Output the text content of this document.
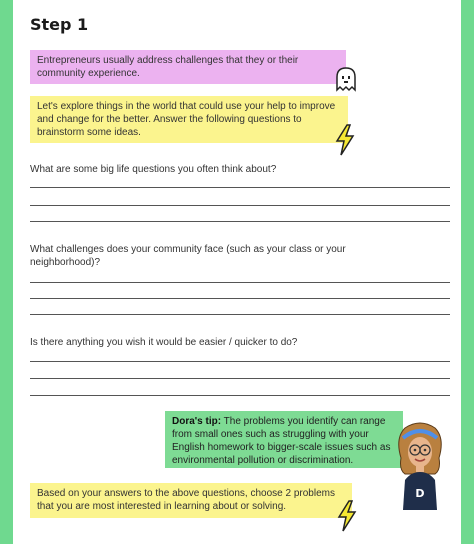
Step 1
Entrepreneurs usually address challenges that they or their community experience.
Let's explore things in the world that could use your help to improve and change for the better. Answer the following questions to brainstorm some ideas.
What are some big life questions you often think about?
What challenges does your community face (such as your class or your neighborhood)?
Is there anything you wish it would be easier / quicker to do?
Dora's tip: The problems you identify can range from small ones such as struggling with your English homework to bigger-scale issues such as environmental pollution or discrimination.
D
Based on your answers to the above questions, choose 2 problems that you are most interested in learning about or solving.
